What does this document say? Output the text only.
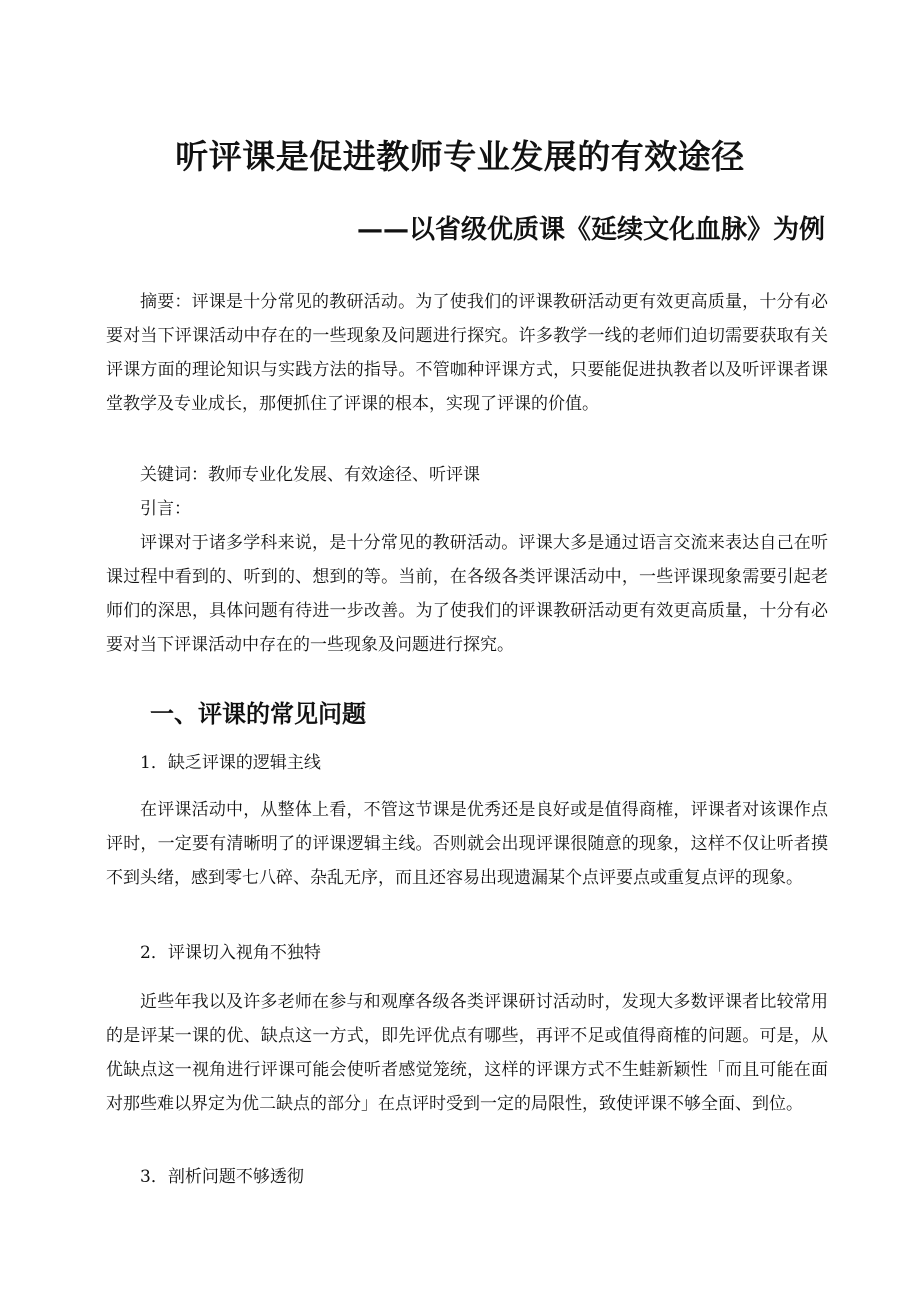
听评课是促进教师专业发展的有效途径
——以省级优质课《延续文化血脉》为例

摘要：评课是十分常见的教研活动。为了使我们的评课教研活动更有效更高质量，十分有必要对当下评课活动中存在的一些现象及问题进行探究。许多教学一线的老师们迫切需要获取有关评课方面的理论知识与实践方法的指导。不管咖种评课方式，只要能促进执教者以及听评课者课堂教学及专业成长，那便抓住了评课的根本，实现了评课的价值。

关键词：教师专业化发展、有效途径、听评课

引言：

评课对于诸多学科来说，是十分常见的教研活动。评课大多是通过语言交流来表达自己在听课过程中看到的、听到的、想到的等。当前，在各级各类评课活动中，一些评课现象需要引起老师们的深思，具体问题有待进一步改善。为了使我们的评课教研活动更有效更高质量，十分有必要对当下评课活动中存在的一些现象及问题进行探究。

一、评课的常见问题
1．缺乏评课的逻辑主线

在评课活动中，从整体上看，不管这节课是优秀还是良好或是值得商榷，评课者对该课作点评时，一定要有清晰明了的评课逻辑主线。否则就会出现评课很随意的现象，这样不仅让听者摸不到头绪，感到零七八碎、杂乱无序，而且还容易出现遗漏某个点评要点或重复点评的现象。

2．评课切入视角不独特

近些年我以及许多老师在参与和观摩各级各类评课研讨活动时，发现大多数评课者比较常用的是评某一课的优、缺点这一方式，即先评优点有哪些，再评不足或值得商榷的问题。可是，从优缺点这一视角进行评课可能会使听者感觉笼统，这样的评课方式不生蛙新颖性「而且可能在面对那些难以界定为优二缺点的部分」在点评时受到一定的局限性，致使评课不够全面、到位。

3．剖析问题不够透彻
